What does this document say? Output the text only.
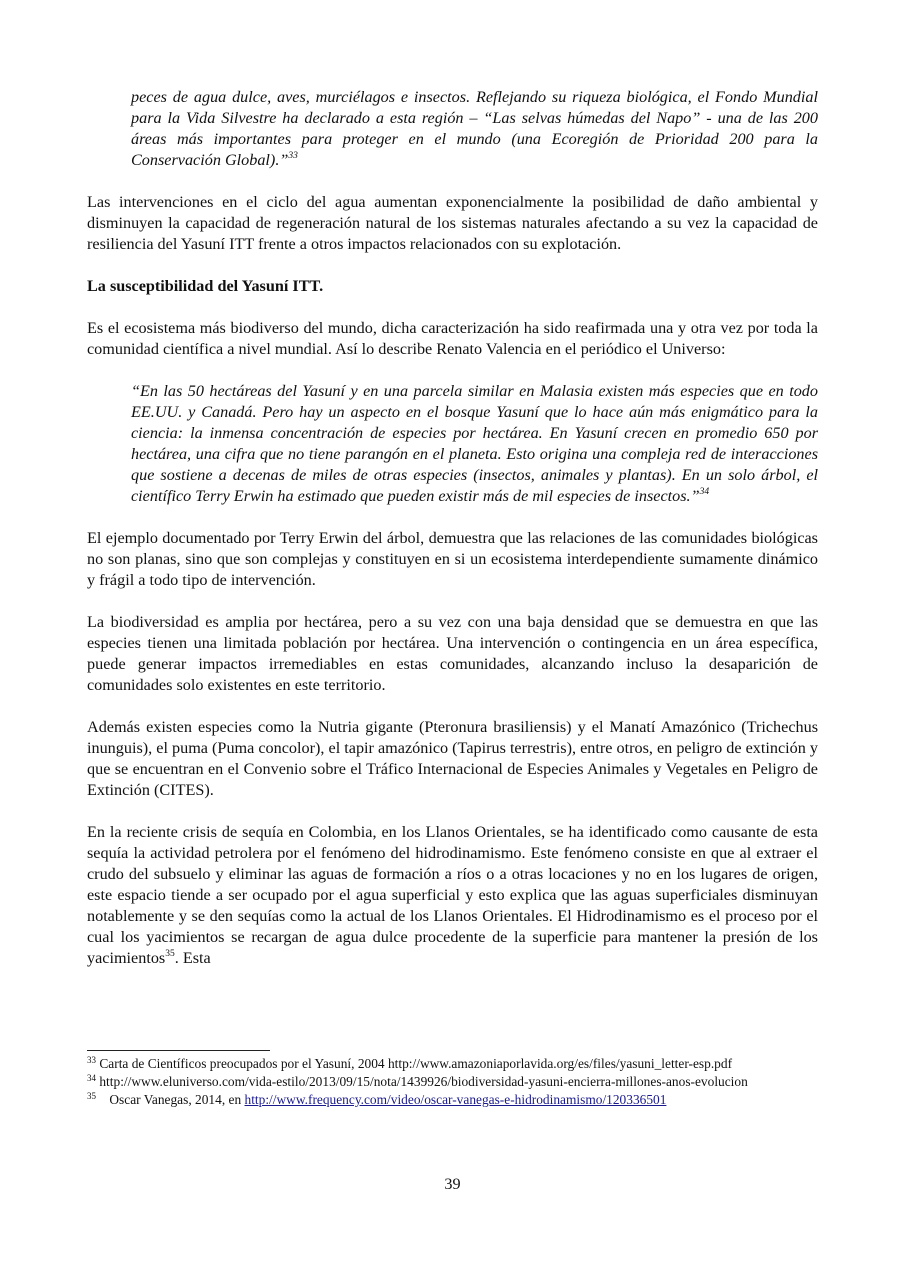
peces de agua dulce, aves, murciélagos e insectos. Reflejando su riqueza biológica, el Fondo Mundial para la Vida Silvestre ha declarado a esta región – “Las selvas húmedas del Napo” - una de las 200 áreas más importantes para proteger en el mundo (una Ecoregión de Prioridad 200 para la Conservación Global).”$^{33}$

Las intervenciones en el ciclo del agua aumentan exponencialmente la posibilidad de daño ambiental y disminuyen la capacidad de regeneración natural de los sistemas naturales afectando a su vez la capacidad de resiliencia del Yasuní ITT frente a otros impactos relacionados con su explotación.

La susceptibilidad del Yasuní ITT.

Es el ecosistema más biodiverso del mundo, dicha caracterización ha sido reafirmada una y otra vez por toda la comunidad científica a nivel mundial. Así lo describe Renato Valencia en el periódico el Universo:

“En las 50 hectáreas del Yasuní y en una parcela similar en Malasia existen más especies que en todo EE.UU. y Canadá. Pero hay un aspecto en el bosque Yasuní que lo hace aún más enigmático para la ciencia: la inmensa concentración de especies por hectárea. En Yasuní crecen en promedio 650 por hectárea, una cifra que no tiene parangón en el planeta. Esto origina una compleja red de interacciones que sostiene a decenas de miles de otras especies (insectos, animales y plantas). En un solo árbol, el científico Terry Erwin ha estimado que pueden existir más de mil especies de insectos.”$^{34}$

El ejemplo documentado por Terry Erwin del árbol, demuestra que las relaciones de las comunidades biológicas no son planas, sino que son complejas y constituyen en si un ecosistema interdependiente sumamente dinámico y frágil a todo tipo de intervención.

La biodiversidad es amplia por hectárea, pero a su vez con una baja densidad que se demuestra en que las especies tienen una limitada población por hectárea. Una intervención o contingencia en un área específica, puede generar impactos irremediables en estas comunidades, alcanzando incluso la desaparición de comunidades solo existentes en este territorio.

Además existen especies como la Nutria gigante (Pteronura brasiliensis) y el Manatí Amazónico (Trichechus inunguis), el puma (Puma concolor), el tapir amazónico (Tapirus terrestris), entre otros, en peligro de extinción y que se encuentran en el Convenio sobre el Tráfico Internacional de Especies Animales y Vegetales en Peligro de Extinción (CITES).

En la reciente crisis de sequía en Colombia, en los Llanos Orientales, se ha identificado como causante de esta sequía la actividad petrolera por el fenómeno del hidrodinamismo. Este fenómeno consiste en que al extraer el crudo del subsuelo y eliminar las aguas de formación a ríos o a otras locaciones y no en los lugares de origen, este espacio tiende a ser ocupado por el agua superficial y esto explica que las aguas superficiales disminuyan notablemente y se den sequías como la actual de los Llanos Orientales. El Hidrodinamismo es el proceso por el cual los yacimientos se recargan de agua dulce procedente de la superficie para mantener la presión de los yacimientos$^{35}$. Esta

$^{33}$ Carta de Científicos preocupados por el Yasuní, 2004 http://www.amazoniaporlavida.org/es/files/yasuni_letter-esp.pdf

$^{34}$ http://www.eluniverso.com/vida-estilo/2013/09/15/nota/1439926/biodiversidad-yasuni-encierra-millones-anos-evolucion

$^{35}$ Oscar Vanegas, 2014, en http://www.frequency.com/video/oscar-vanegas-e-hidrodinamismo/120336501

39
